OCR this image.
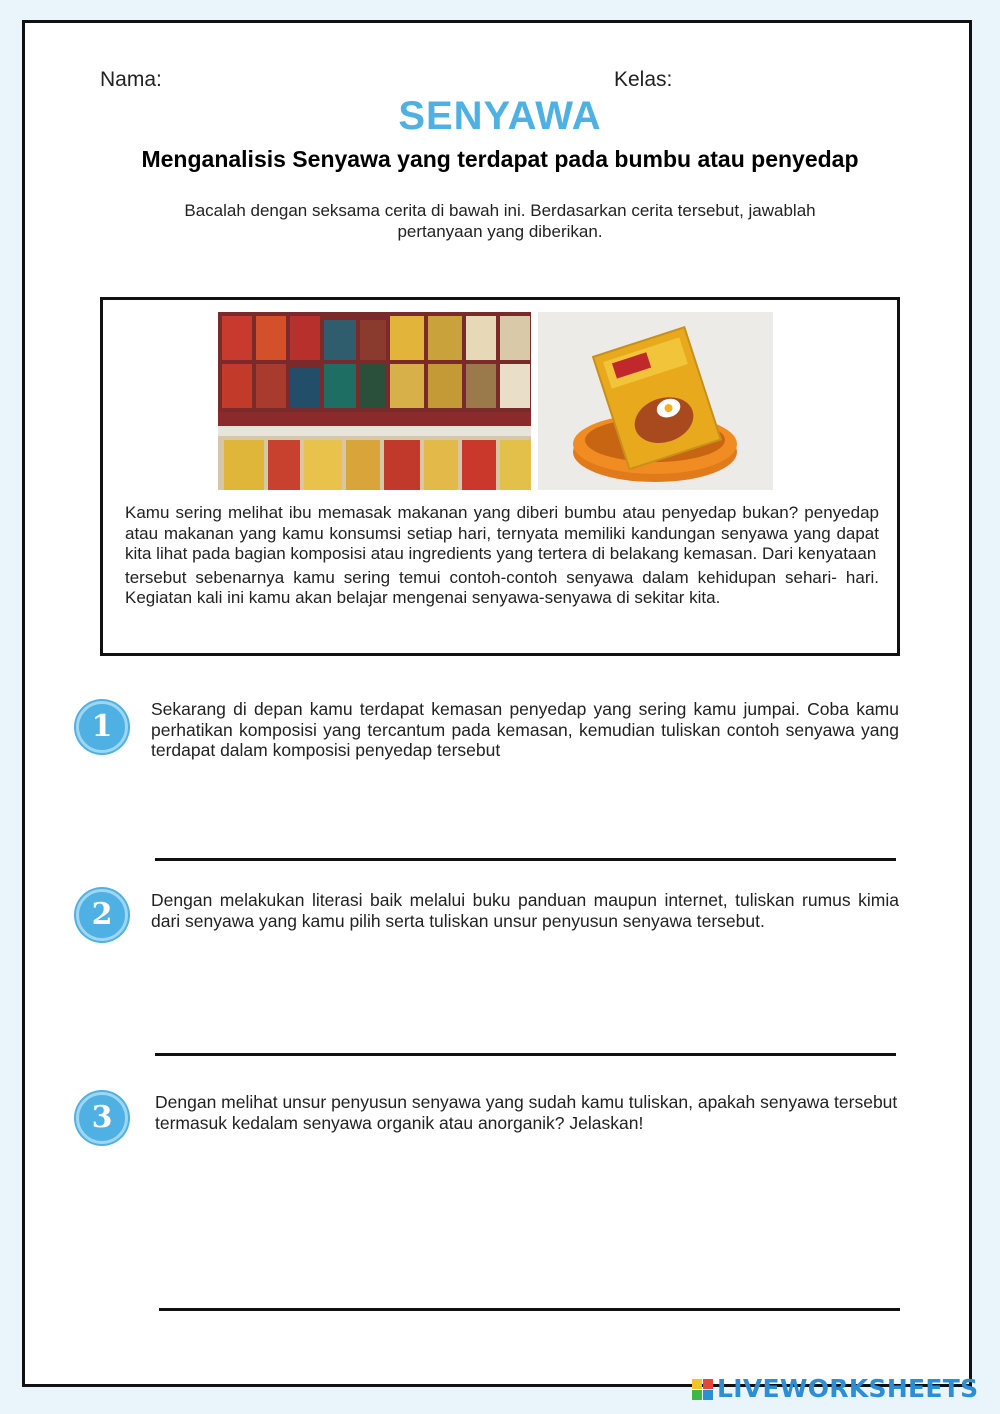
Nama:	Kelas:
SENYAWA
Menganalisis Senyawa yang terdapat pada bumbu atau penyedap
Bacalah dengan seksama cerita di bawah ini. Berdasarkan cerita tersebut, jawablah pertanyaan yang diberikan.

Kamu sering melihat ibu memasak makanan yang diberi bumbu atau penyedap bukan? penyedap atau makanan yang kamu konsumsi setiap hari, ternyata memiliki kandungan senyawa yang dapat kita lihat pada bagian komposisi atau ingredients yang tertera di belakang kemasan. Dari kenyataan

tersebut sebenarnya kamu sering temui contoh-contoh senyawa dalam kehidupan sehari- hari. Kegiatan kali ini kamu akan belajar mengenai senyawa-senyawa di sekitar kita.

1	Sekarang di depan kamu terdapat kemasan penyedap yang sering kamu jumpai. Coba kamu perhatikan komposisi yang tercantum pada kemasan, kemudian tuliskan contoh senyawa yang terdapat dalam komposisi penyedap tersebut
2	Dengan melakukan literasi baik melalui buku panduan maupun internet, tuliskan rumus kimia dari senyawa yang kamu pilih serta tuliskan unsur penyusun senyawa tersebut.
3	Dengan melihat unsur penyusun senyawa yang sudah kamu tuliskan, apakah senyawa tersebut termasuk kedalam senyawa organik atau anorganik? Jelaskan!
LIVEWORKSHEETS
